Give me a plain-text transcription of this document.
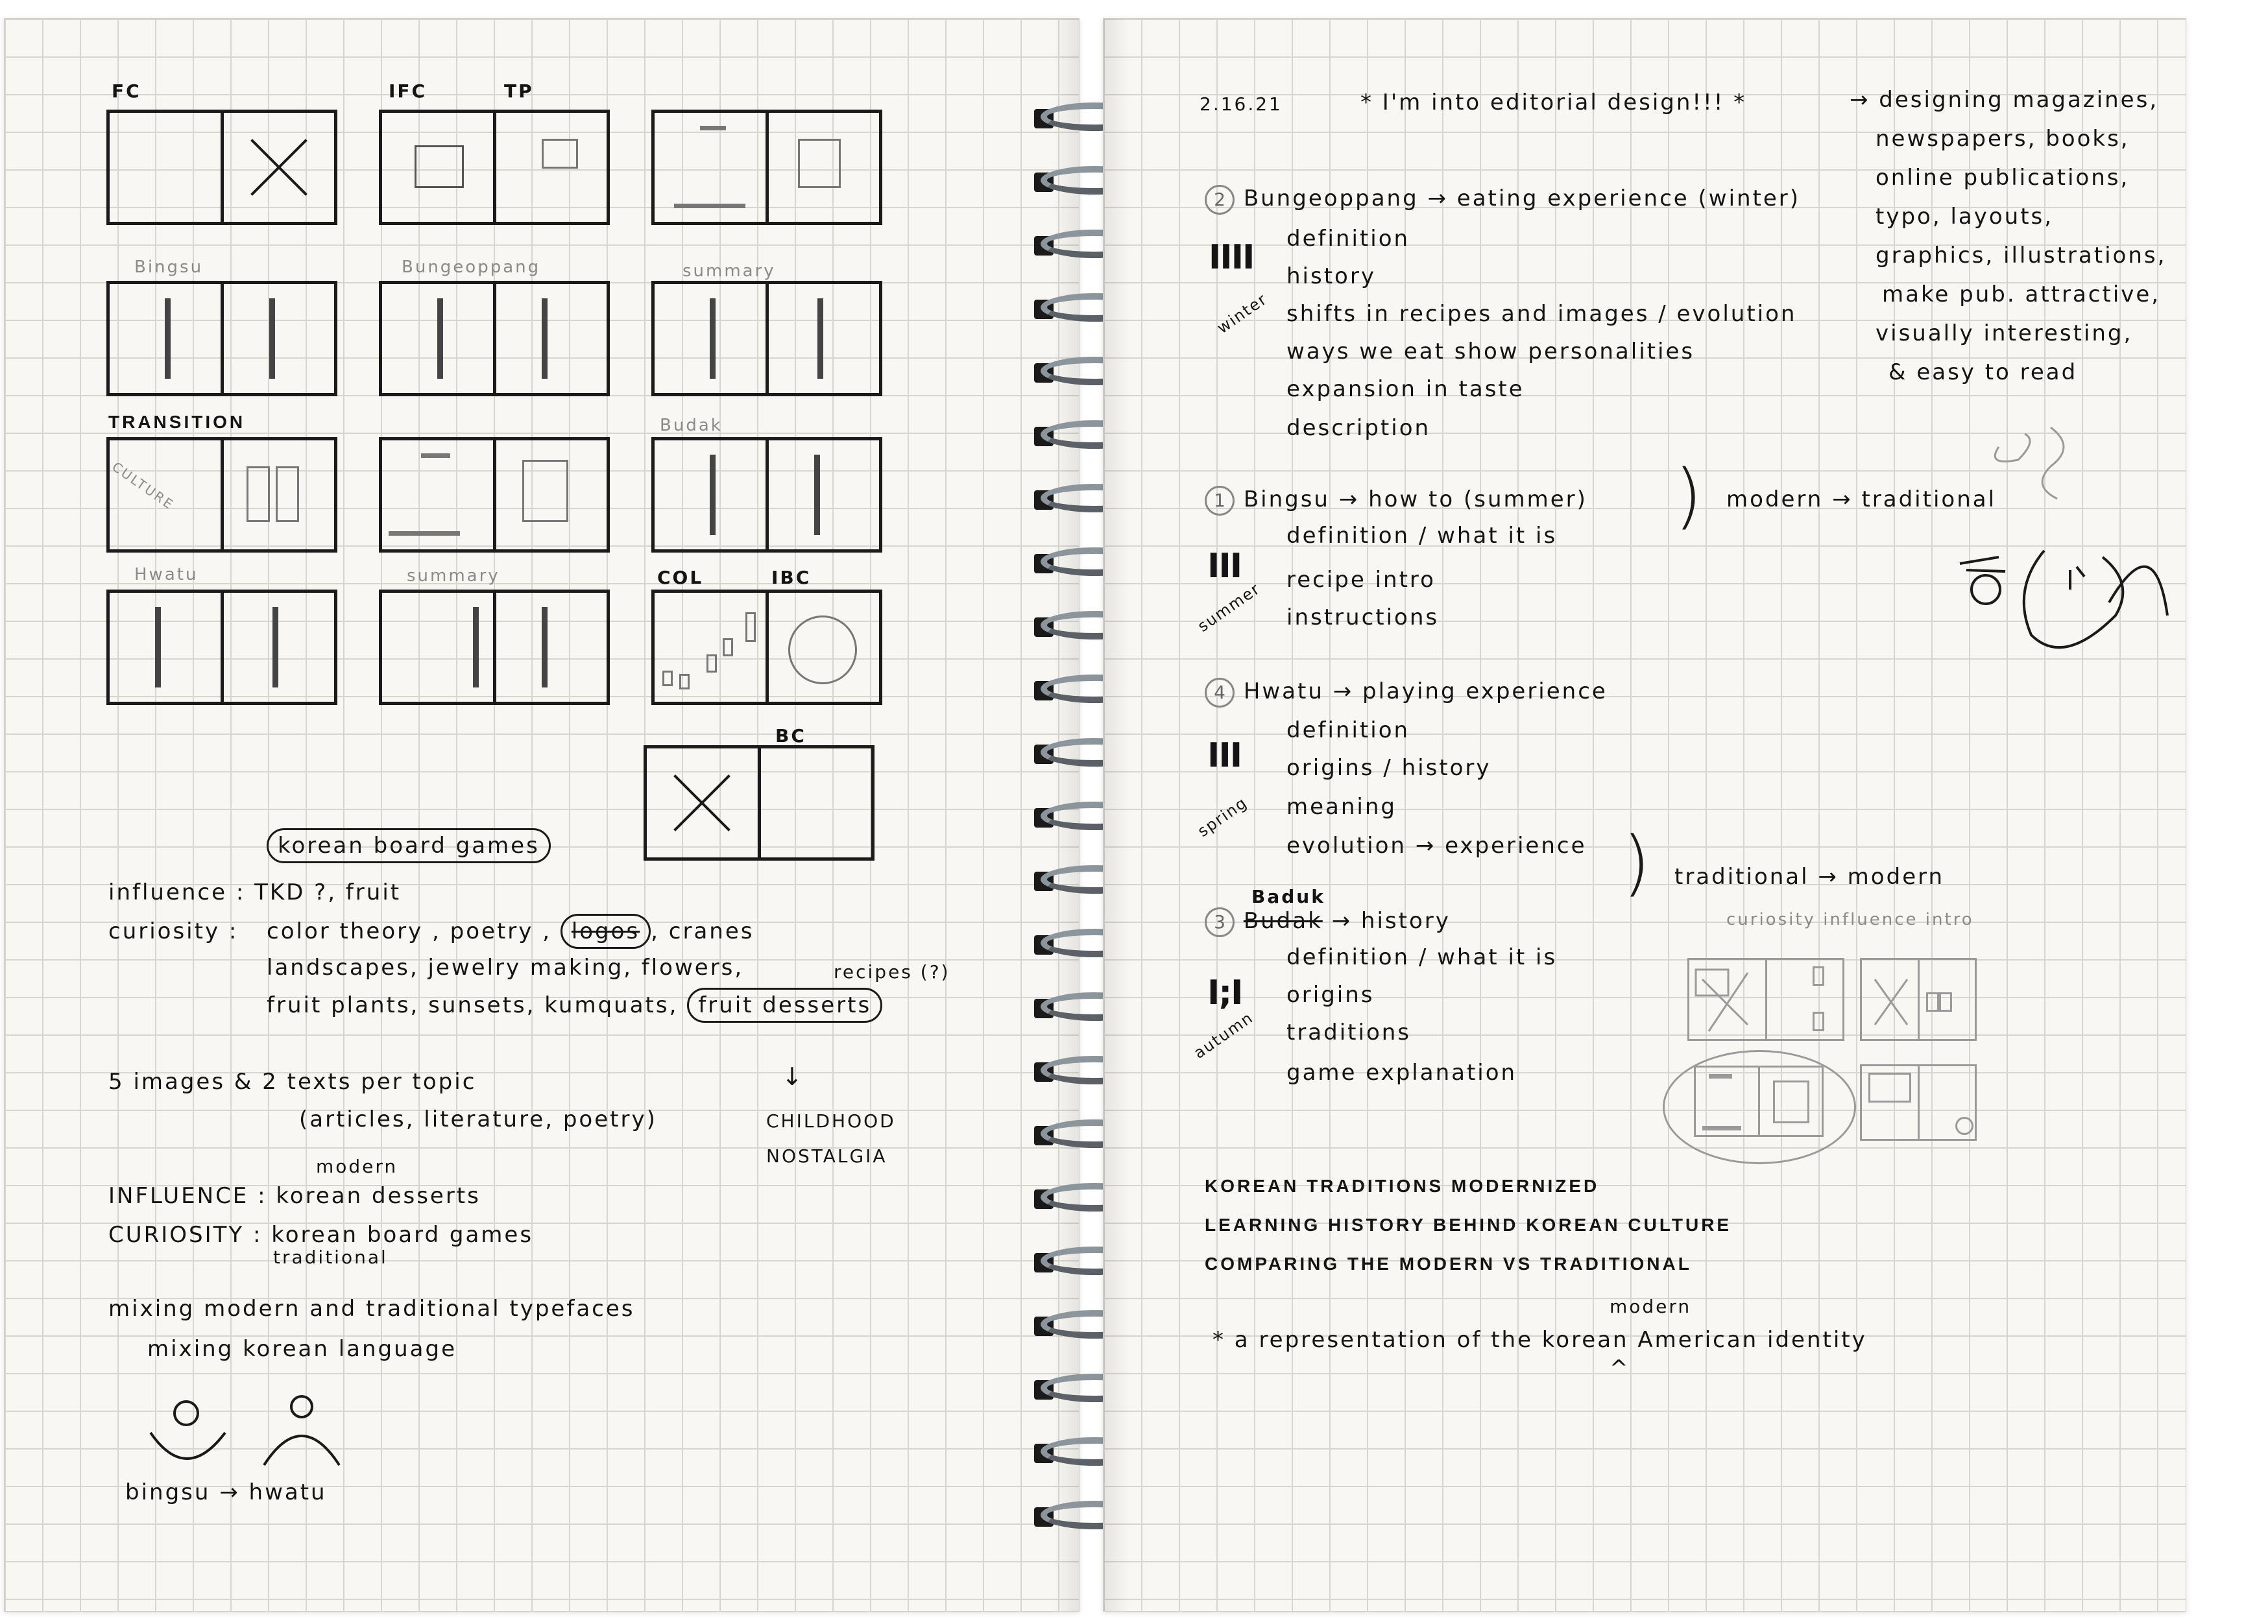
FC	IFC	TP
Bingsu	Bungeoppang	summary
TRANSITION	Budak
CULTURE
Hwatu	summary	COL	IBC
BC
korean board games
influence : TKD ?, fruit
curiosity : color theory , poetry , logos , cranes
landscapes, jewelry making, flowers,	recipes (?)
fruit plants, sunsets, kumquats, fruit desserts
5 images & 2 texts per topic	↓
(articles, literature, poetry)	CHILDHOOD
NOSTALGIA
modern
INFLUENCE : korean desserts
CURIOSITY : korean board games
traditional
mixing modern and traditional typefaces
mixing korean language
bingsu → hwatu
2.16.21	* I'm into editorial design!!! *	→ designing magazines,
newspapers, books,
online publications,
typo, layouts,
graphics, illustrations,
make pub. attractive,
visually interesting,
& easy to read
2 Bungeoppang → eating experience (winter)
IIII
winter
definition
history
shifts in recipes and images / evolution
ways we eat show personalities
expansion in taste
description
1 Bingsu → how to (summer) ) modern → traditional
III
summer
definition / what it is
recipe intro
instructions
4 Hwatu → playing experience
III
spring
definition
origins / history
meaning
evolution → experience ) traditional → modern
curiosity influence intro
Baduk
3 Budak → history
I;I
autumn
definition / what it is
origins
traditions
game explanation
KOREAN TRADITIONS MODERNIZED
LEARNING HISTORY BEHIND KOREAN CULTURE
COMPARING THE MODERN VS TRADITIONAL
modern
* a representation of the korean American identity
^
